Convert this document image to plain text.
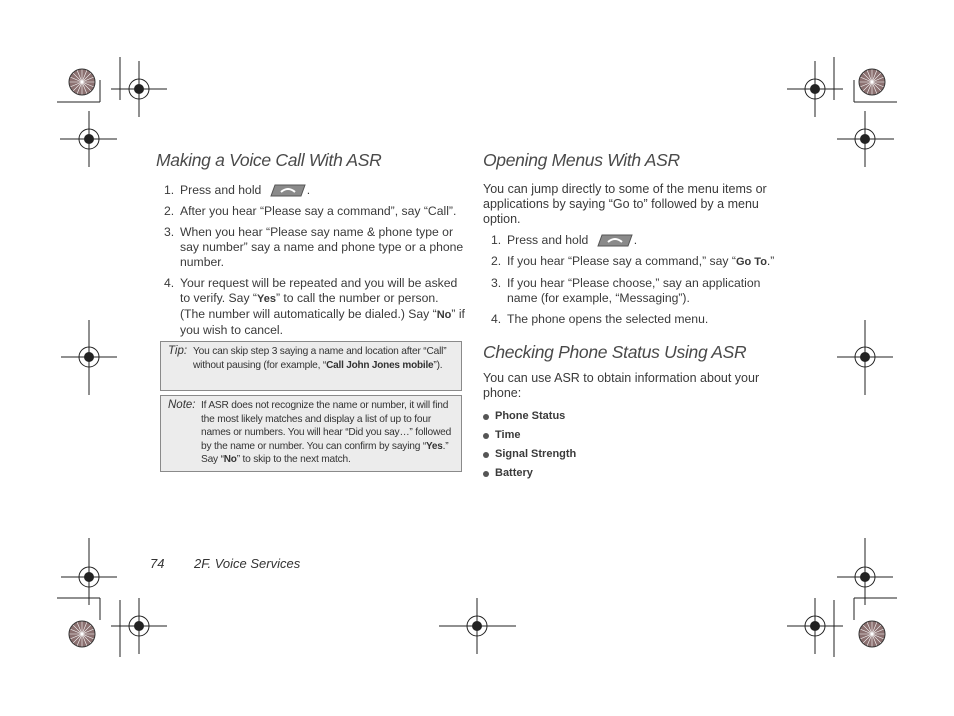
Making a Voice Call With ASR
1. Press and hold	.
2. After you hear “Please say a command”, say “Call”.
3. When you hear “Please say name & phone type or say number” say a name and phone type or a phone number.
4. Your request will be repeated and you will be asked to verify. Say “Yes” to call the number or person. (The number will automatically be dialed.) Say “No” if you wish to cancel.
Tip: You can skip step 3 saying a name and location after “Call” without pausing (for example, “Call John Jones mobile”).
Note: If ASR does not recognize the name or number, it will find the most likely matches and display a list of up to four names or numbers. You will hear “Did you say…” followed by the name or number. You can confirm by saying “Yes.” Say “No” to skip to the next match.
Opening Menus With ASR

You can jump directly to some of the menu items or applications by saying “Go to” followed by a menu option.

1. Press and hold	.
2. If you hear “Please say a command,” say “Go To.”
3. If you hear “Please choose,” say an application name (for example, “Messaging”).
4. The phone opens the selected menu.
Checking Phone Status Using ASR

You can use ASR to obtain information about your phone:

Phone Status
Time
Signal Strength
Battery
74 2F. Voice Services
